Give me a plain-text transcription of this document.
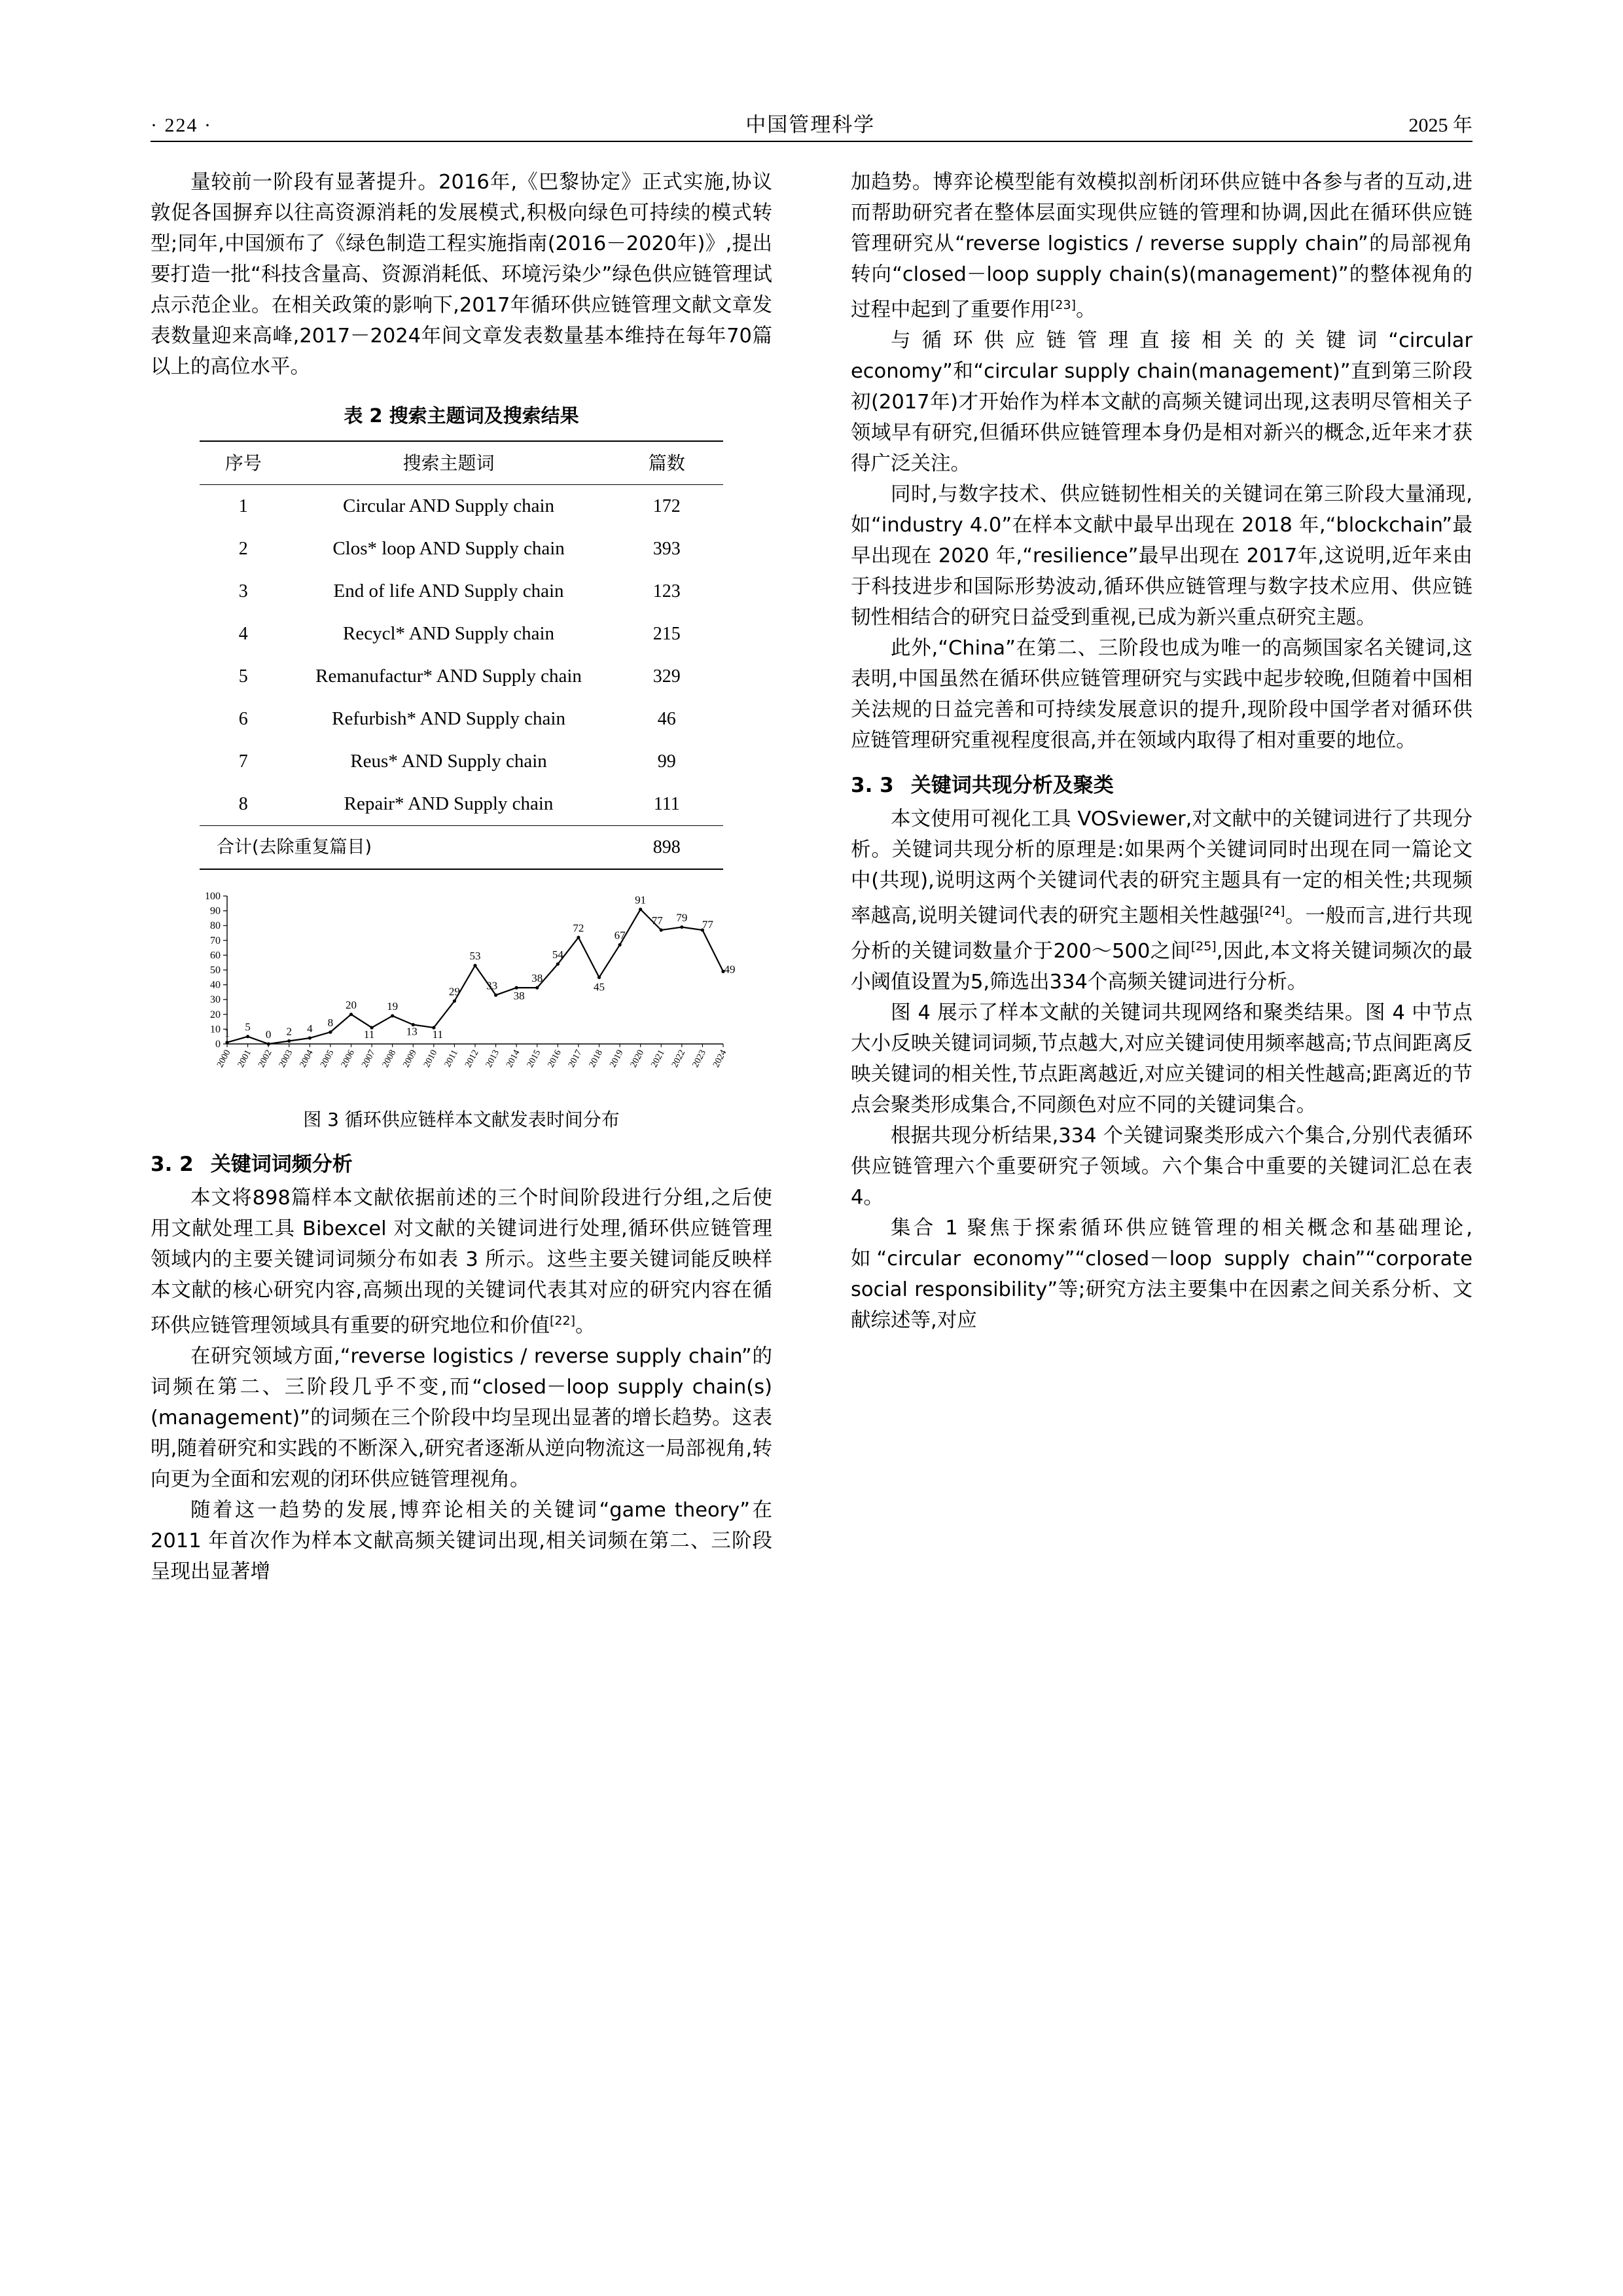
· 224 ·	中国管理科学	2025 年

量较前一阶段有显著提升。2016年,《巴黎协定》正式实施,协议敦促各国摒弃以往高资源消耗的发展模式,积极向绿色可持续的模式转型;同年,中国颁布了《绿色制造工程实施指南(2016－2020年)》,提出要打造一批“科技含量高、资源消耗低、环境污染少”绿色供应链管理试点示范企业。在相关政策的影响下,2017年循环供应链管理文献文章发表数量迎来高峰,2017－2024年间文章发表数量基本维持在每年70篇以上的高位水平。

表 2 搜索主题词及搜索结果
序号	搜索主题词	篇数
1	Circular AND Supply chain	172
2	Clos* loop AND Supply chain	393
3	End of life AND Supply chain	123
4	Recycl* AND Supply chain	215
5	Remanufactur* AND Supply chain	329
6	Refurbish* AND Supply chain	46
7	Reus* AND Supply chain	99
8	Repair* AND Supply chain	111
合计(去除重复篇目)		898
0
10
20
30
40
50
60
70
80
90
100
2000 2001 2002 2003 2004 2005 2006 2007 2008 2009 2010 2011 2012 2013 2014 2015 2016 2017 2018 2019 2020 2021 2022 2023 2024
1 5
0 2 4 8
20
11
19
13 11
29
53
33
38
38
54
72
45
67
91
77 79
77
49
图 3 循环供应链样本文献发表时间分布

3. 2 关键词词频分析

本文将898篇样本文献依据前述的三个时间阶段进行分组,之后使用文献处理工具 Bibexcel 对文献的关键词进行处理,循环供应链管理领域内的主要关键词词频分布如表 3 所示。这些主要关键词能反映样本文献的核心研究内容,高频出现的关键词代表其对应的研究内容在循环供应链管理领域具有重要的研究地位和价值[22]。

在研究领域方面,“reverse logistics / reverse supply chain”的词频在第二、三阶段几乎不变,而“closed－loop supply chain(s) (management)”的词频在三个阶段中均呈现出显著的增长趋势。这表明,随着研究和实践的不断深入,研究者逐渐从逆向物流这一局部视角,转向更为全面和宏观的闭环供应链管理视角。

随着这一趋势的发展,博弈论相关的关键词“game theory”在 2011 年首次作为样本文献高频关键词出现,相关词频在第二、三阶段呈现出显著增

加趋势。博弈论模型能有效模拟剖析闭环供应链中各参与者的互动,进而帮助研究者在整体层面实现供应链的管理和协调,因此在循环供应链管理研究从“reverse logistics / reverse supply chain”的局部视角转向“closed－loop supply chain(s)(management)”的整体视角的过程中起到了重要作用[23]。

与循环供应链管理直接相关的关键词“circular economy”和“circular supply chain(management)”直到第三阶段初(2017年)才开始作为样本文献的高频关键词出现,这表明尽管相关子领域早有研究,但循环供应链管理本身仍是相对新兴的概念,近年来才获得广泛关注。

同时,与数字技术、供应链韧性相关的关键词在第三阶段大量涌现,如“industry 4.0”在样本文献中最早出现在 2018 年,“blockchain”最早出现在 2020 年,“resilience”最早出现在 2017年,这说明,近年来由于科技进步和国际形势波动,循环供应链管理与数字技术应用、供应链韧性相结合的研究日益受到重视,已成为新兴重点研究主题。

此外,“China”在第二、三阶段也成为唯一的高频国家名关键词,这表明,中国虽然在循环供应链管理研究与实践中起步较晚,但随着中国相关法规的日益完善和可持续发展意识的提升,现阶段中国学者对循环供应链管理研究重视程度很高,并在领域内取得了相对重要的地位。

3. 3 关键词共现分析及聚类

本文使用可视化工具 VOSviewer,对文献中的关键词进行了共现分析。关键词共现分析的原理是:如果两个关键词同时出现在同一篇论文中(共现),说明这两个关键词代表的研究主题具有一定的相关性;共现频率越高,说明关键词代表的研究主题相关性越强[24]。一般而言,进行共现分析的关键词数量介于200～500之间[25],因此,本文将关键词频次的最小阈值设置为5,筛选出334个高频关键词进行分析。

图 4 展示了样本文献的关键词共现网络和聚类结果。图 4 中节点大小反映关键词词频,节点越大,对应关键词使用频率越高;节点间距离反映关键词的相关性,节点距离越近,对应关键词的相关性越高;距离近的节点会聚类形成集合,不同颜色对应不同的关键词集合。

根据共现分析结果,334 个关键词聚类形成六个集合,分别代表循环供应链管理六个重要研究子领域。六个集合中重要的关键词汇总在表 4。

集合 1 聚焦于探索循环供应链管理的相关概念和基础理论,如“circular economy”“closed－loop supply chain”“corporate social responsibility”等;研究方法主要集中在因素之间关系分析、文献综述等,对应
